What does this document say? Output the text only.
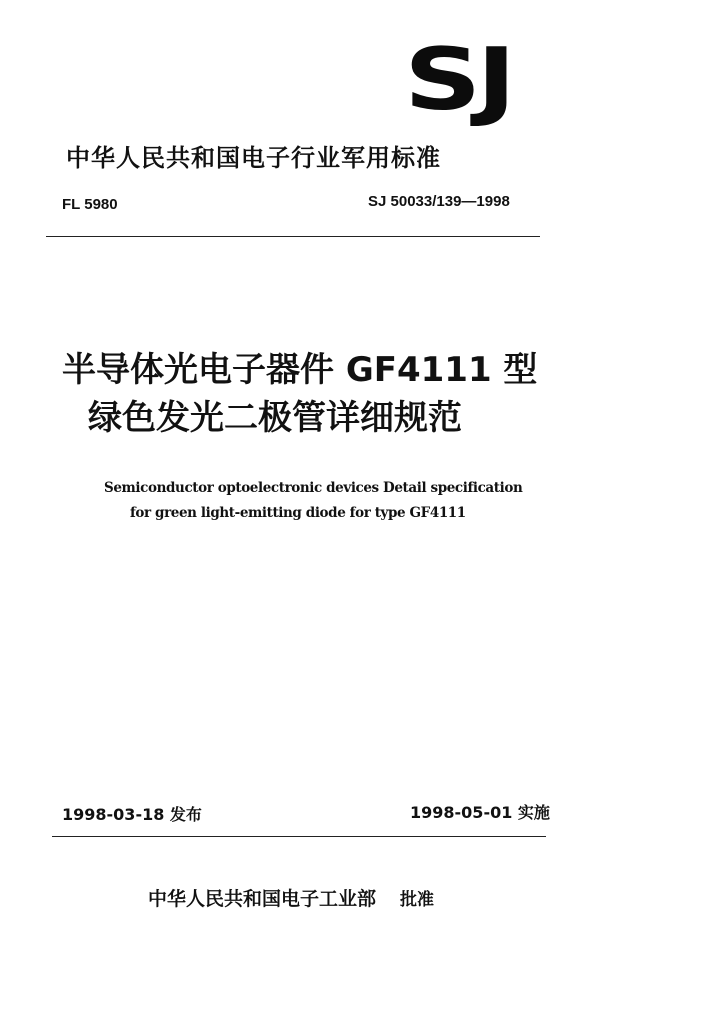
SJ
中华人民共和国电子行业军用标准
FL 5980	SJ 50033/139—1998
半导体光电子器件 GF4111 型
绿色发光二极管详细规范
Semiconductor optoelectronic devices Detail specification
for green light-emitting diode for type GF4111
1998-03-18 发布	1998-05-01 实施
中华人民共和国电子工业部 批准
